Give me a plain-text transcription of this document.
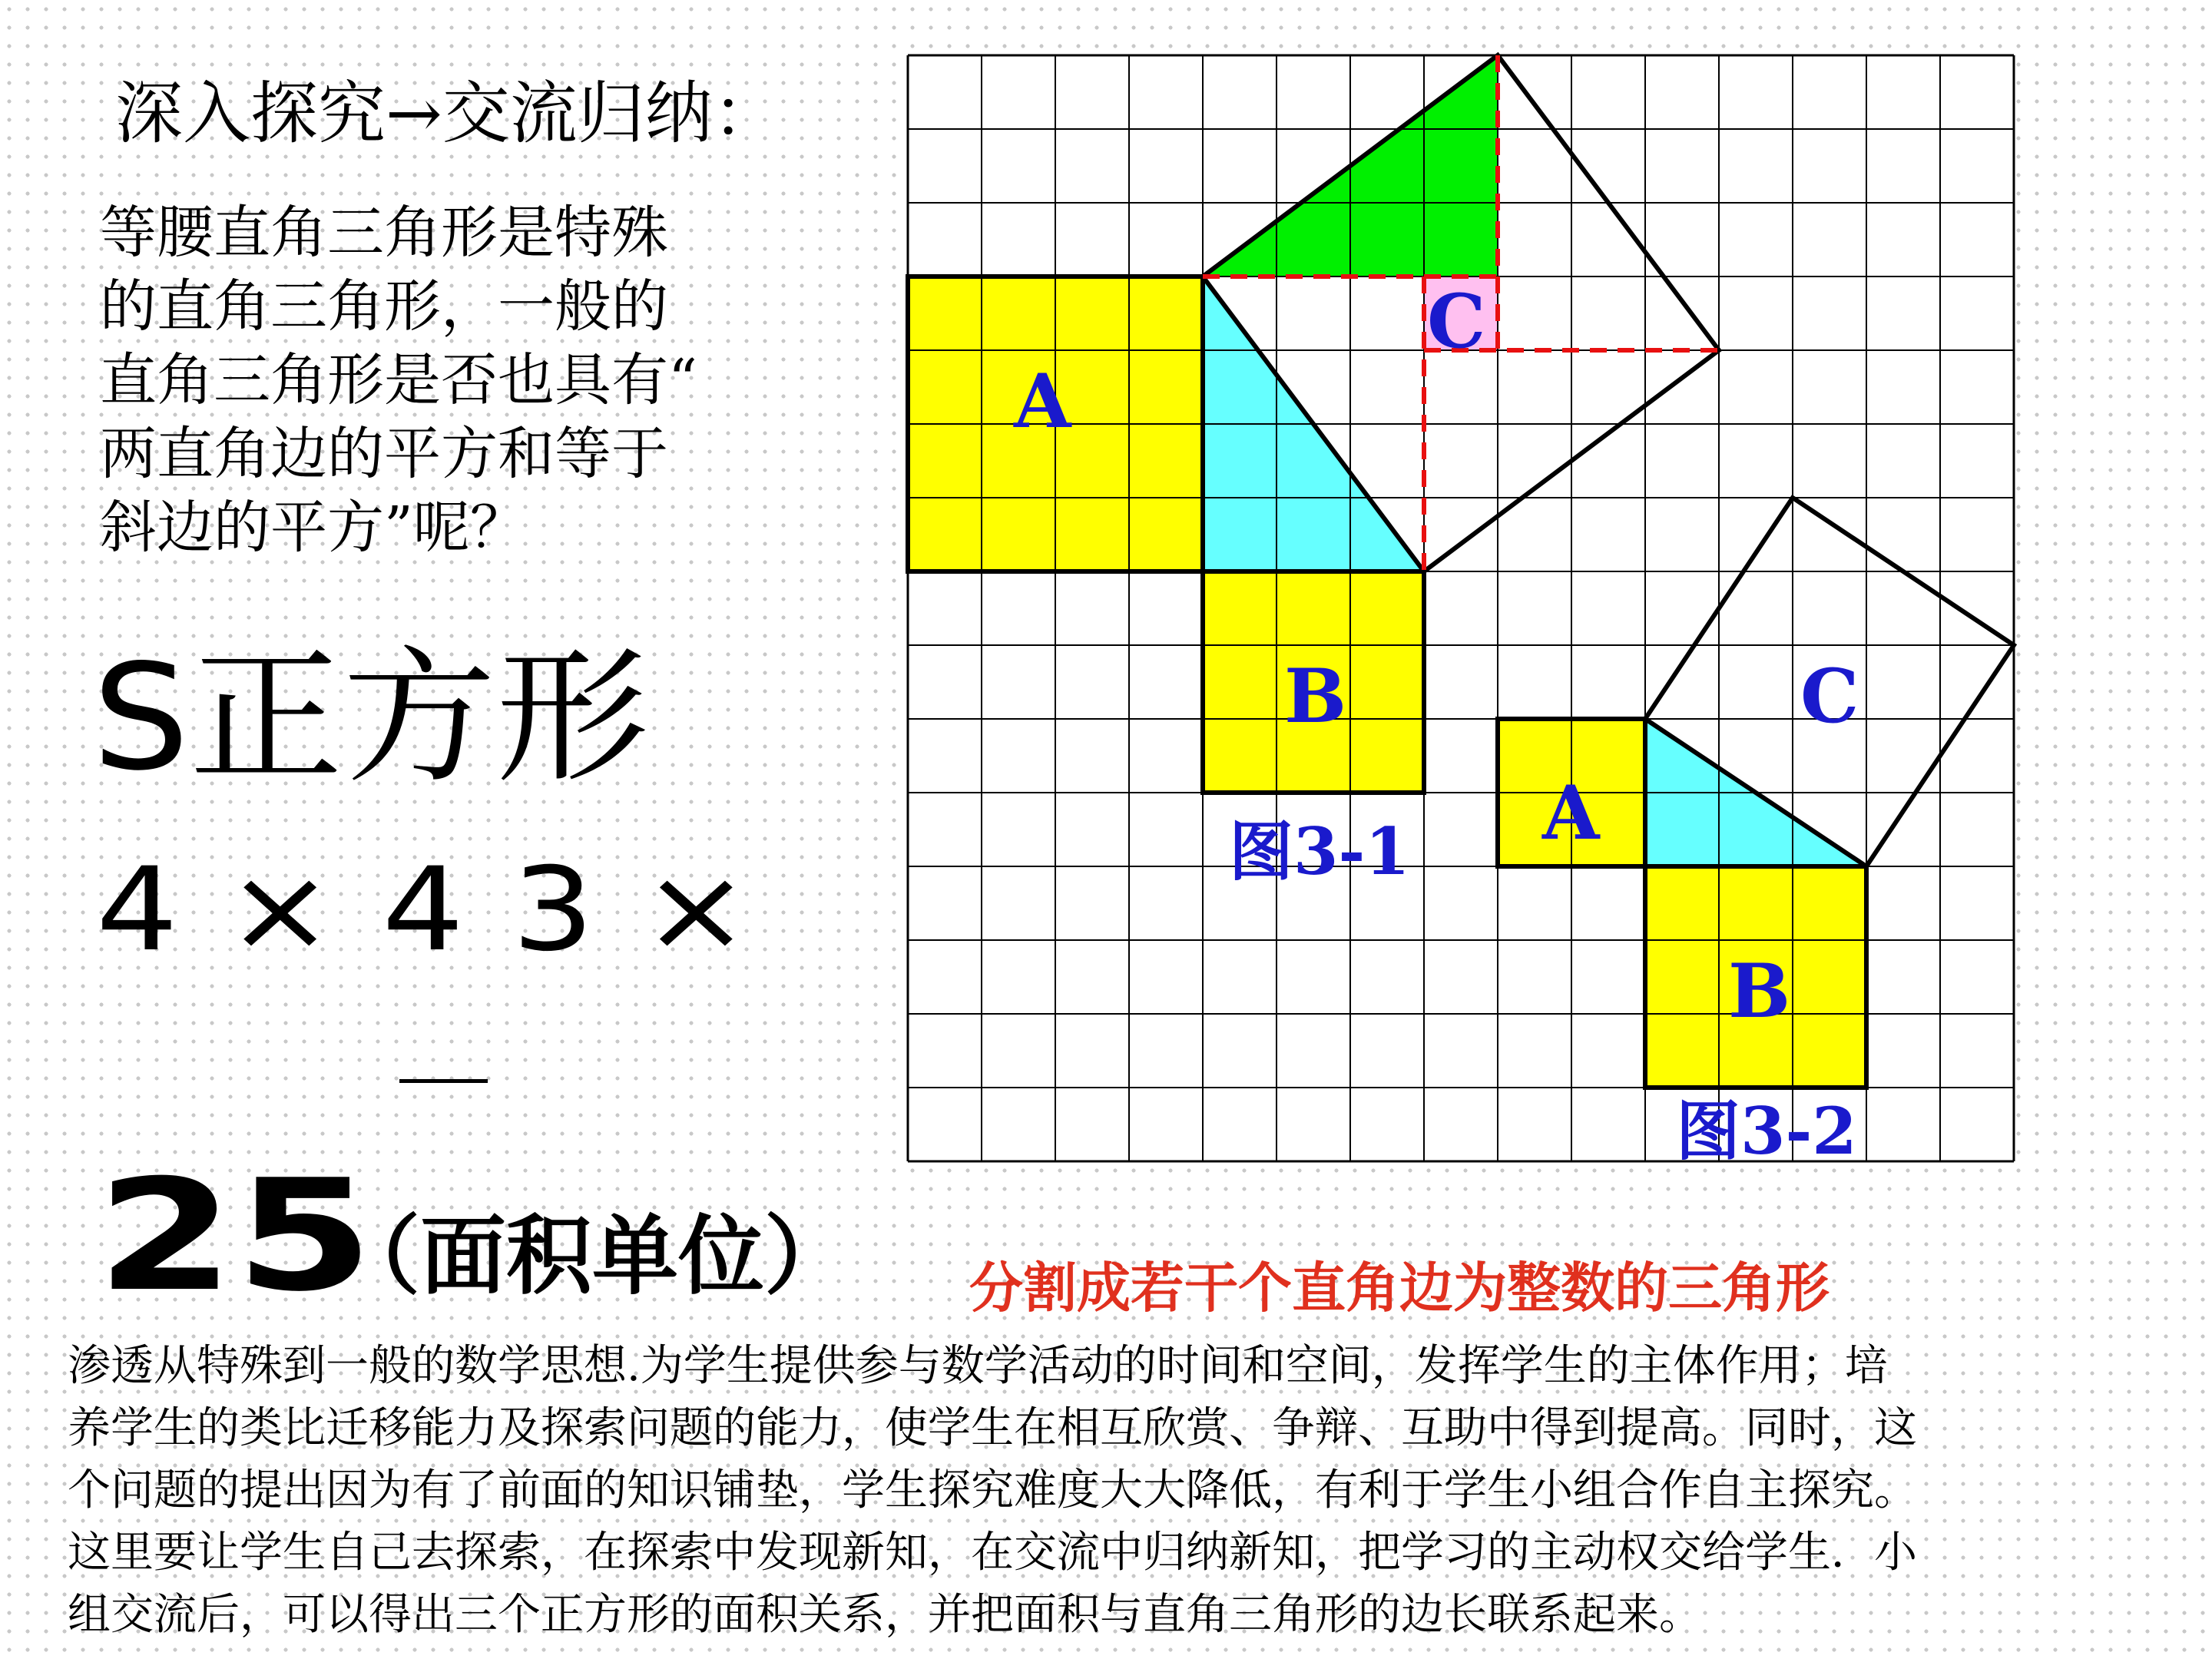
深入探究→交流归纳：
等腰直角三角形是特殊
的直角三角形，一般的
直角三角形是否也具有“
两直角边的平方和等于
斜边的平方”呢？
S正方形
4 × 4 3 ×
25
（面积单位）
A
B
C
图3-1 A
B
C
图3-2
分割成若干个直角边为整数的三角形
渗透从特殊到一般的数学思想.为学生提供参与数学活动的时间和空间，发挥学生的主体作用；培
养学生的类比迁移能力及探索问题的能力，使学生在相互欣赏、争辩、互助中得到提高。同时，这
个问题的提出因为有了前面的知识铺垫，学生探究难度大大降低，有利于学生小组合作自主探究。
这里要让学生自己去探索，在探索中发现新知，在交流中归纳新知，把学习的主动权交给学生．小
组交流后，可以得出三个正方形的面积关系，并把面积与直角三角形的边长联系起来。
